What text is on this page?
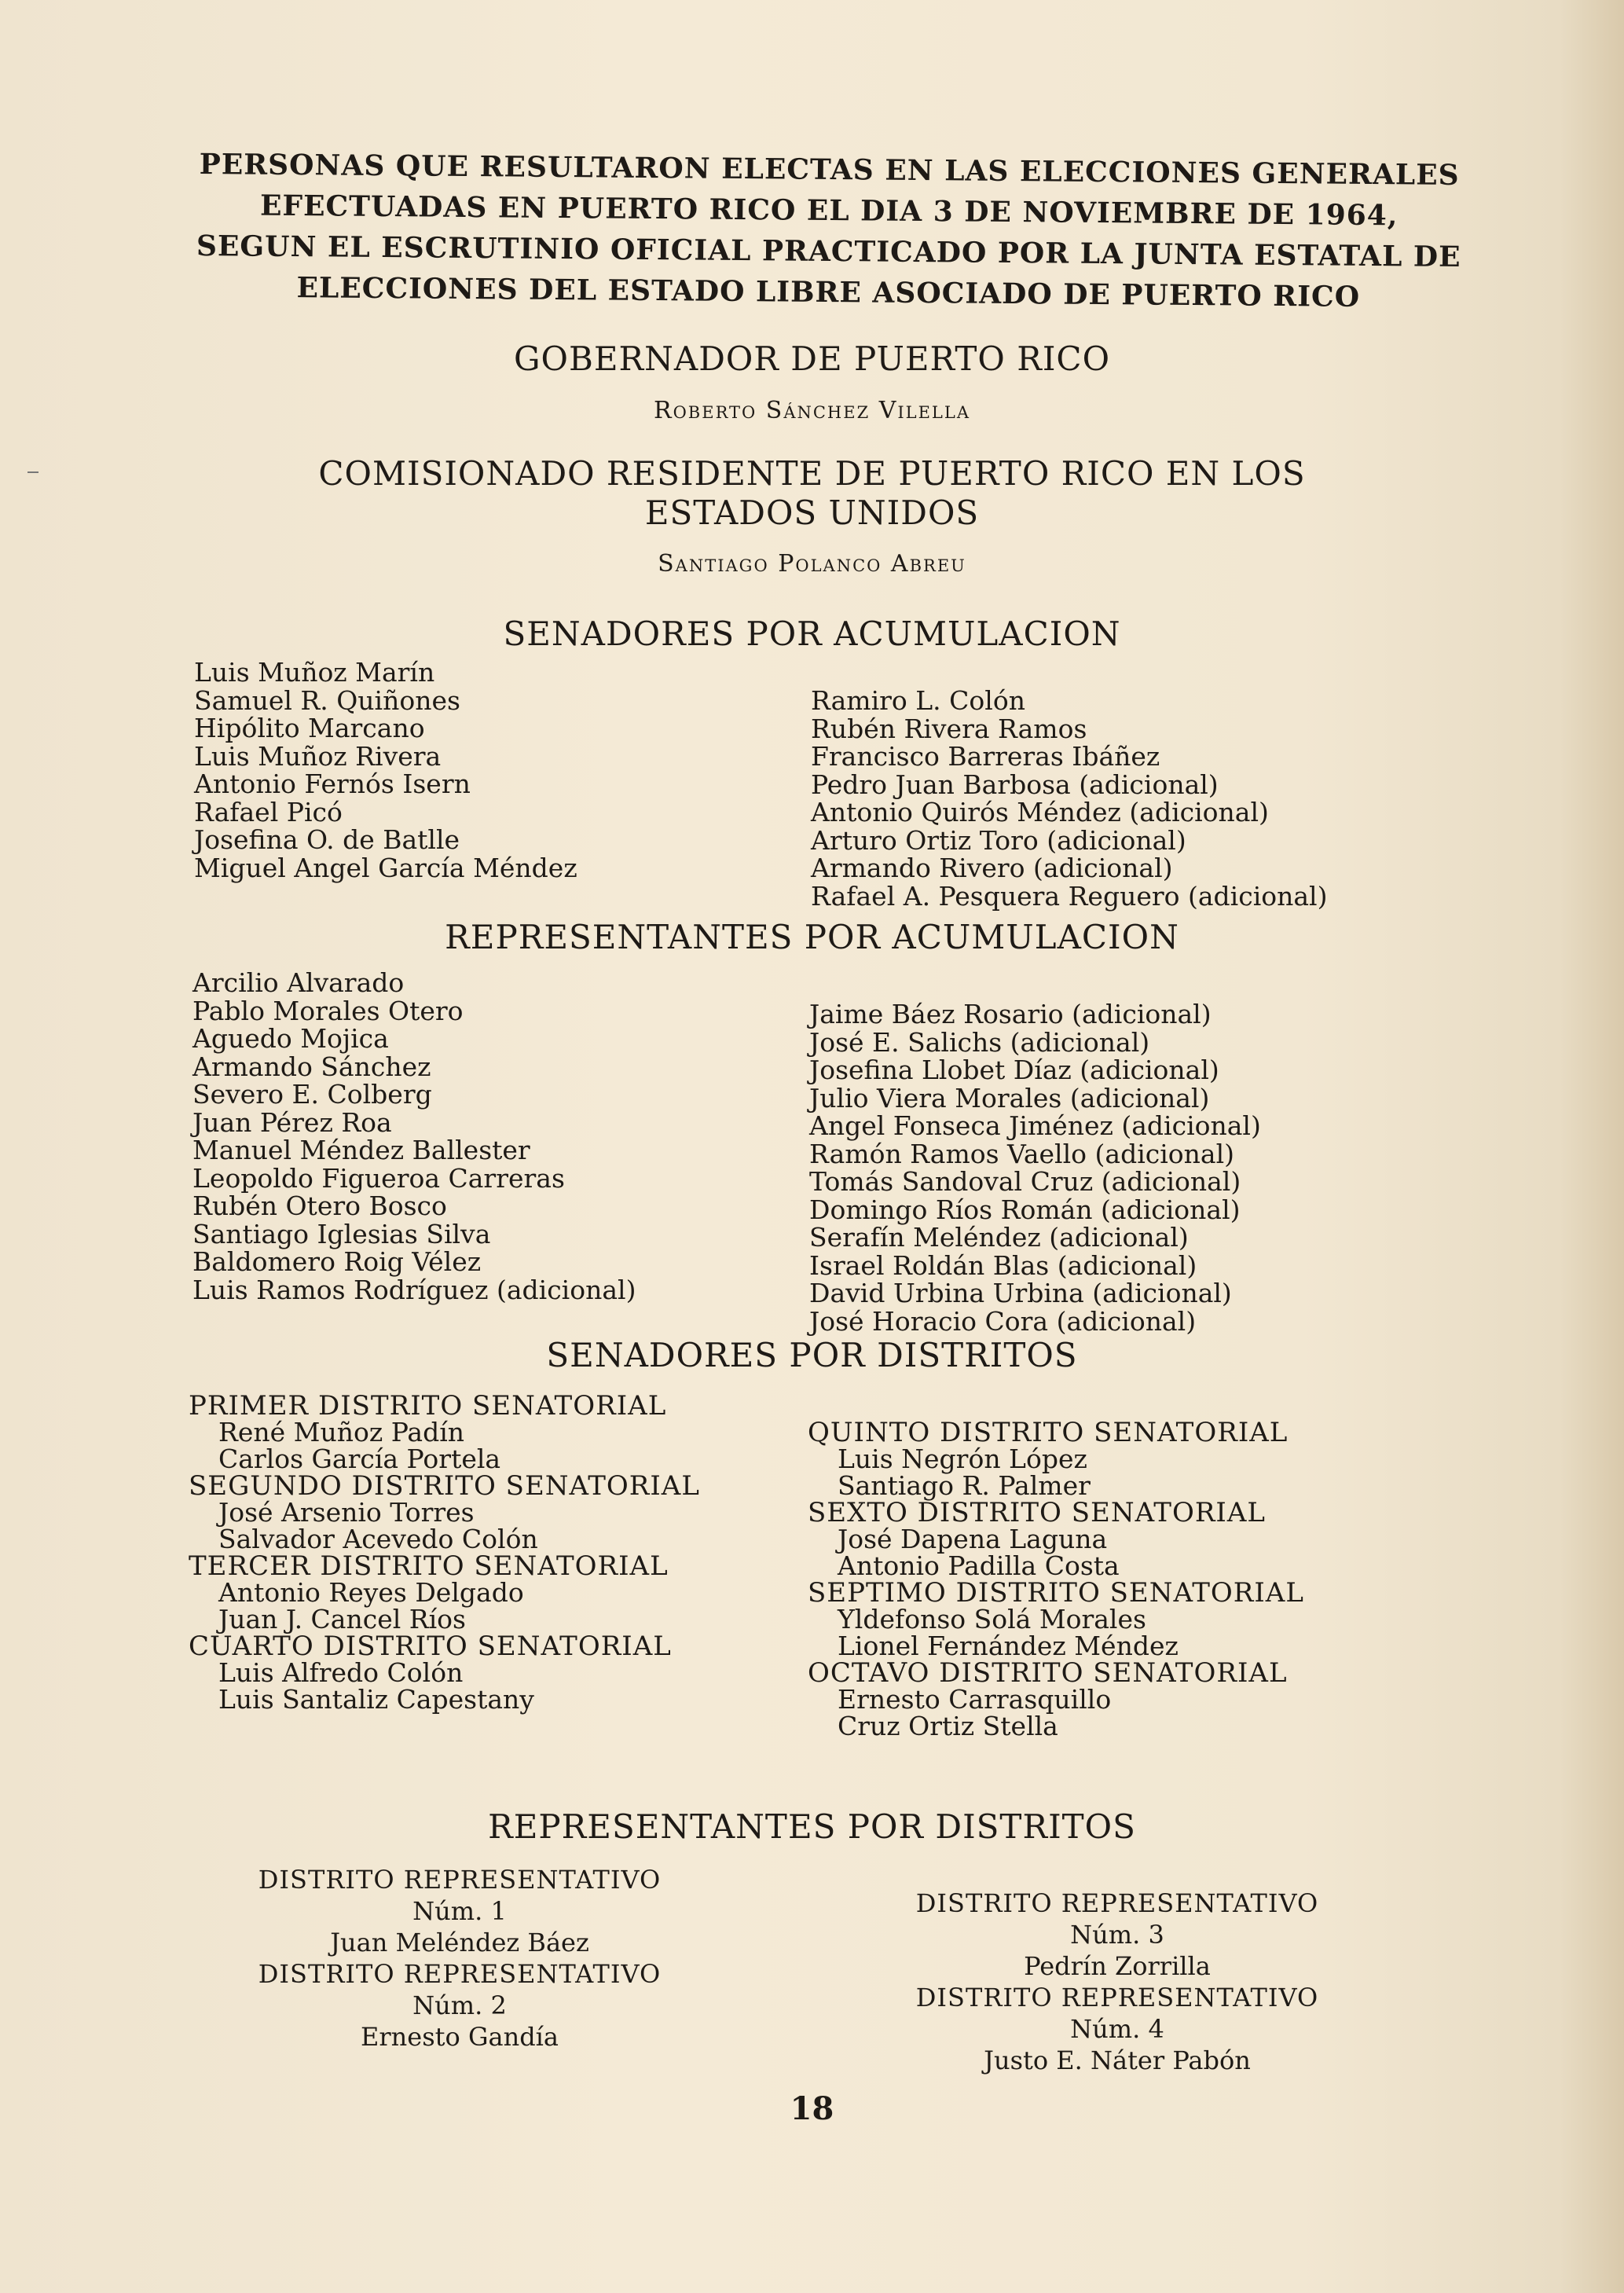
PERSONAS QUE RESULTARON ELECTAS EN LAS ELECCIONES GENERALES
EFECTUADAS EN PUERTO RICO EL DIA 3 DE NOVIEMBRE DE 1964,
SEGUN EL ESCRUTINIO OFICIAL PRACTICADO POR LA JUNTA ESTATAL DE
ELECCIONES DEL ESTADO LIBRE ASOCIADO DE PUERTO RICO
GOBERNADOR DE PUERTO RICO
Roberto Sánchez Vilella
COMISIONADO RESIDENTE DE PUERTO RICO EN LOS
ESTADOS UNIDOS
Santiago Polanco Abreu
SENADORES POR ACUMULACION
Luis Muñoz Marín
Samuel R. Quiñones
Hipólito Marcano
Luis Muñoz Rivera
Antonio Fernós Isern
Rafael Picó
Josefina O. de Batlle
Miguel Angel García Méndez
Ramiro L. Colón
Rubén Rivera Ramos
Francisco Barreras Ibáñez
Pedro Juan Barbosa (adicional)
Antonio Quirós Méndez (adicional)
Arturo Ortiz Toro (adicional)
Armando Rivero (adicional)
Rafael A. Pesquera Reguero (adicional)
REPRESENTANTES POR ACUMULACION
Arcilio Alvarado
Pablo Morales Otero
Aguedo Mojica
Armando Sánchez
Severo E. Colberg
Juan Pérez Roa
Manuel Méndez Ballester
Leopoldo Figueroa Carreras
Rubén Otero Bosco
Santiago Iglesias Silva
Baldomero Roig Vélez
Luis Ramos Rodríguez (adicional)
Jaime Báez Rosario (adicional)
José E. Salichs (adicional)
Josefina Llobet Díaz (adicional)
Julio Viera Morales (adicional)
Angel Fonseca Jiménez (adicional)
Ramón Ramos Vaello (adicional)
Tomás Sandoval Cruz (adicional)
Domingo Ríos Román (adicional)
Serafín Meléndez (adicional)
Israel Roldán Blas (adicional)
David Urbina Urbina (adicional)
José Horacio Cora (adicional)
SENADORES POR DISTRITOS
PRIMER DISTRITO SENATORIAL
René Muñoz Padín
Carlos García Portela
SEGUNDO DISTRITO SENATORIAL
José Arsenio Torres
Salvador Acevedo Colón
TERCER DISTRITO SENATORIAL
Antonio Reyes Delgado
Juan J. Cancel Ríos
CUARTO DISTRITO SENATORIAL
Luis Alfredo Colón
Luis Santaliz Capestany
QUINTO DISTRITO SENATORIAL
Luis Negrón López
Santiago R. Palmer
SEXTO DISTRITO SENATORIAL
José Dapena Laguna
Antonio Padilla Costa
SEPTIMO DISTRITO SENATORIAL
Yldefonso Solá Morales
Lionel Fernández Méndez
OCTAVO DISTRITO SENATORIAL
Ernesto Carrasquillo
Cruz Ortiz Stella
REPRESENTANTES POR DISTRITOS
DISTRITO REPRESENTATIVO
Núm. 1
Juan Meléndez Báez
DISTRITO REPRESENTATIVO
Núm. 2
Ernesto Gandía
DISTRITO REPRESENTATIVO
Núm. 3
Pedrín Zorrilla
DISTRITO REPRESENTATIVO
Núm. 4
Justo E. Náter Pabón
18
